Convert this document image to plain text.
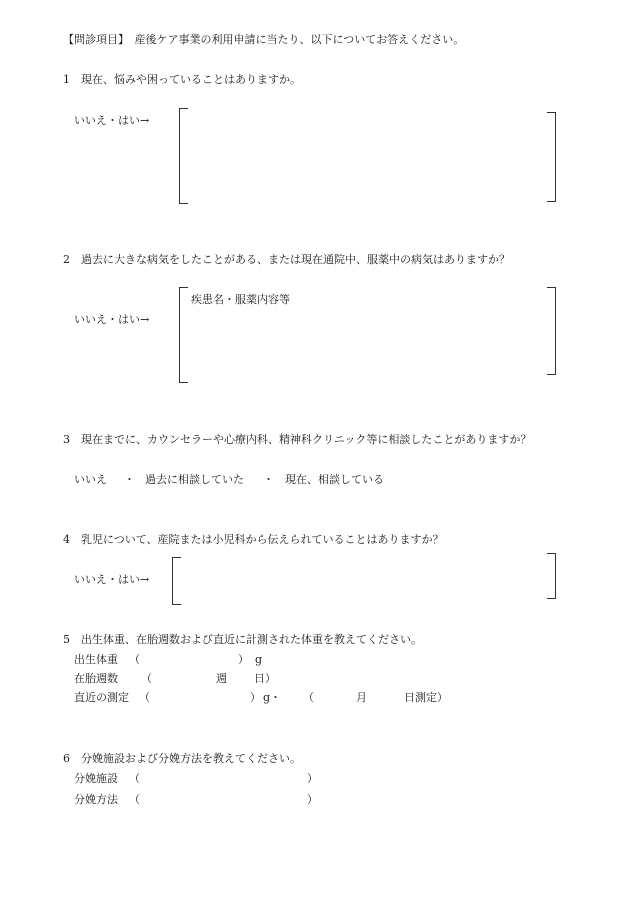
【問診項目】　産後ケア事業の利用申請に当たり、以下についてお答えください。
1　現在、悩みや困っていることはありますか。
いいえ・はい→
2　過去に大きな病気をしたことがある、または現在通院中、服薬中の病気はありますか？
いいえ・はい→
疾患名・服薬内容等
3　現在までに、カウンセラーや心療内科、精神科クリニック等に相談したことがありますか？
いいえ ・ 過去に相談していた ・ 現在、相談している
4　乳児について、産院または小児科から伝えられていることはありますか？
いいえ・はい→
5　出生体重、在胎週数および直近に計測された体重を教えてください。
出生体重 （	） g
在胎週数 （	週 日）
直近の測定 （	） g・ （	月	日測定）
6　分娩施設および分娩方法を教えてください。
分娩施設 （	）
分娩方法 （	）
